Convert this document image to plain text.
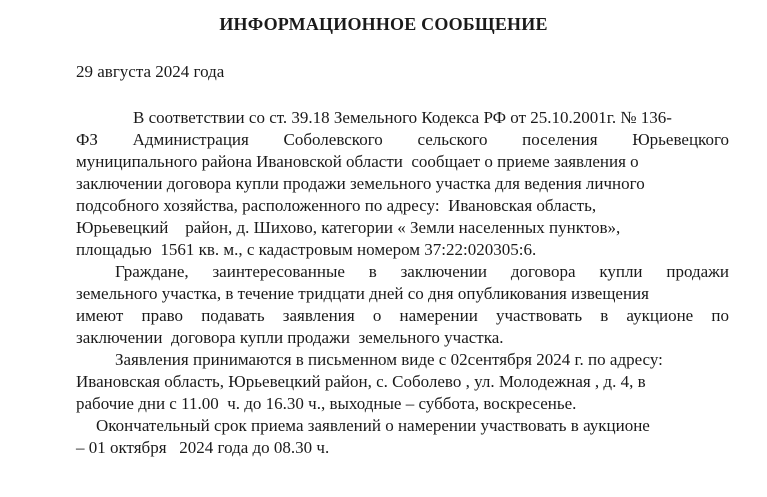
ИНФОРМАЦИОННОЕ СООБЩЕНИЕ
29 августа 2024 года
В соответствии со ст. 39.18 Земельного Кодекса РФ от 25.10.2001г. № 136-
ФЗ Администрация Соболевского сельского поселения Юрьевецкого
муниципального района Ивановской области  сообщает о приеме заявления о
заключении договора купли продажи земельного участка для ведения личного
подсобного хозяйства, расположенного по адресу:  Ивановская область,
Юрьевецкий    район, д. Шихово, категории « Земли населенных пунктов»,
площадью  1561 кв. м., с кадастровым номером 37:22:020305:6.
Граждане, заинтересованные в заключении договора купли продажи
земельного участка, в течение тридцати дней со дня опубликования извещения
имеют право подавать заявления о намерении участвовать в аукционе по
заключении  договора купли продажи  земельного участка.
Заявления принимаются в письменном виде с 02сентября 2024 г. по адресу:
Ивановская область, Юрьевецкий район, с. Соболево , ул. Молодежная , д. 4, в
рабочие дни с 11.00  ч. до 16.30 ч., выходные – суббота, воскресенье.
Окончательный срок приема заявлений о намерении участвовать в аукционе
– 01 октября   2024 года до 08.30 ч.
